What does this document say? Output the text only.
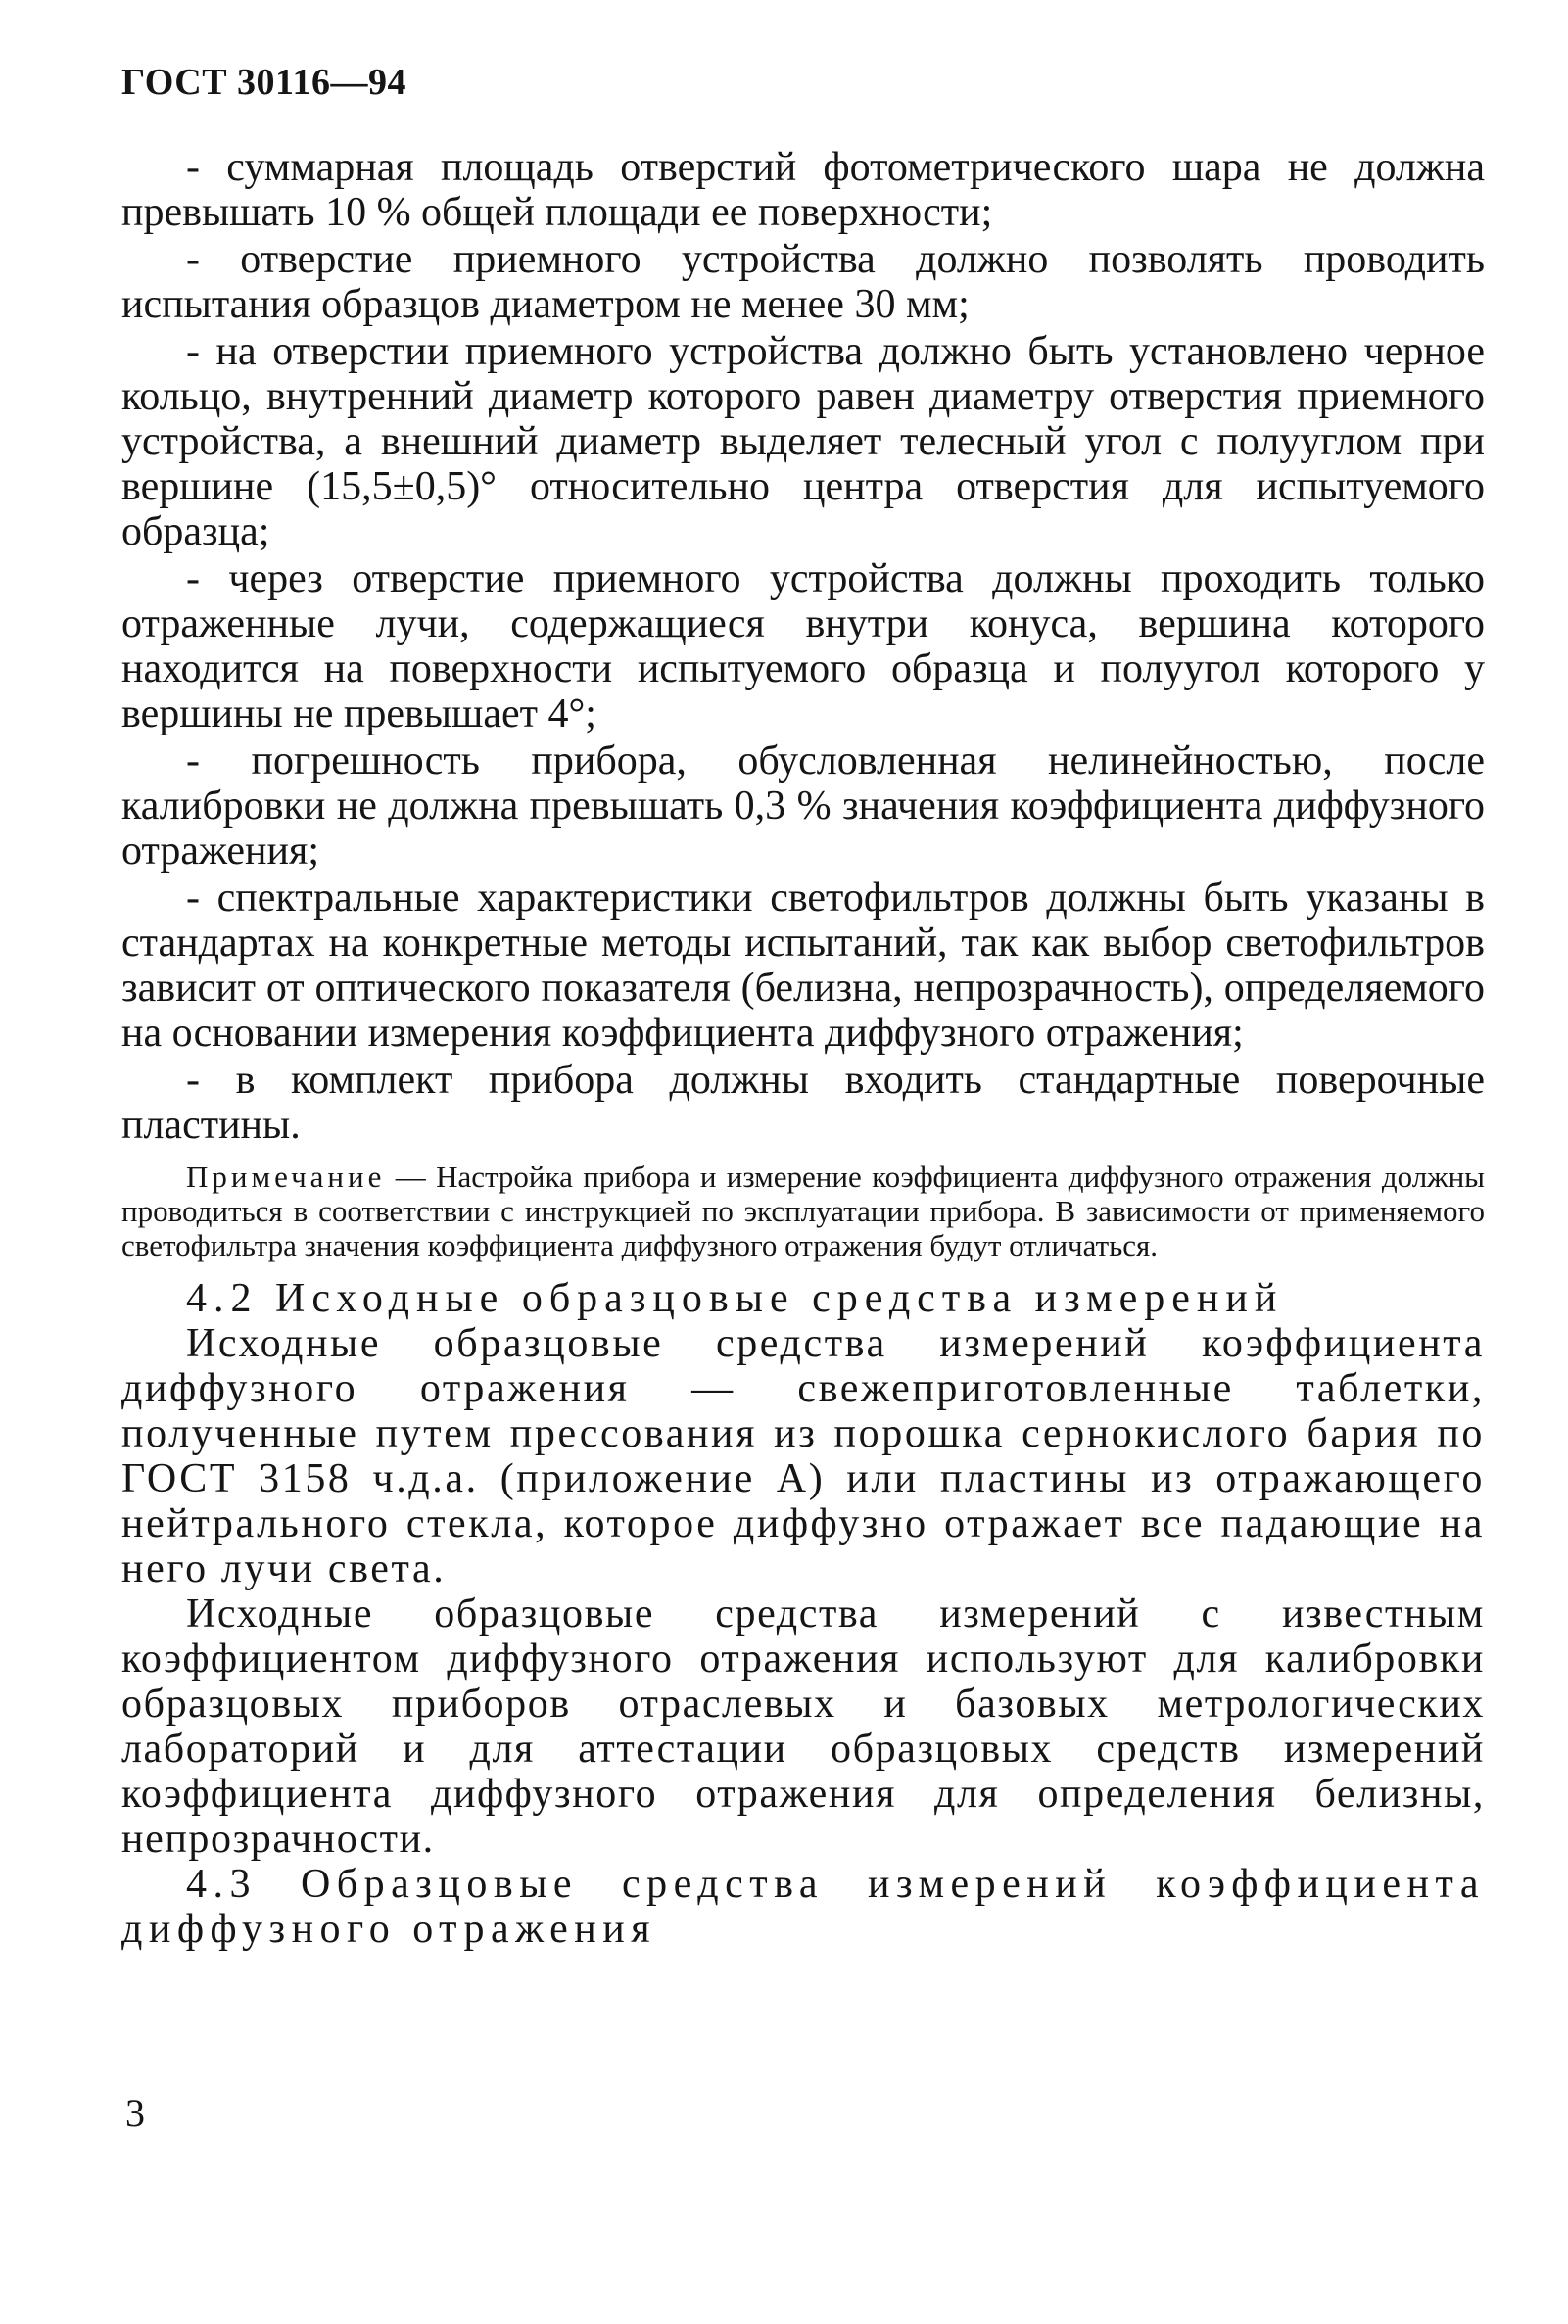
ГОСТ 30116—94

- суммарная площадь отверстий фотометрического шара не должна превышать 10 % общей площади ее поверхности;

- отверстие приемного устройства должно позволять проводить испытания образцов диаметром не менее 30 мм;

- на отверстии приемного устройства должно быть установлено черное кольцо, внутренний диаметр которого равен диаметру отверстия приемного устройства, а внешний диаметр выделяет телесный угол с полууглом при вершине (15,5±0,5)° относительно центра отверстия для испытуемого образца;

- через отверстие приемного устройства должны проходить только отраженные лучи, содержащиеся внутри конуса, вершина которого находится на поверхности испытуемого образца и полуугол которого у вершины не превышает 4°;

- погрешность прибора, обусловленная нелинейностью, после калибровки не должна превышать 0,3 % значения коэффициента диффузного отражения;

- спектральные характеристики светофильтров должны быть указаны в стандартах на конкретные методы испытаний, так как выбор светофильтров зависит от оптического показателя (белизна, непрозрачность), определяемого на основании измерения коэффициента диффузного отражения;

- в комплект прибора должны входить стандартные поверочные пластины.

Примечание — Настройка прибора и измерение коэффициента диффузного отражения должны проводиться в соответствии с инструкцией по эксплуатации прибора. В зависимости от применяемого светофильтра значения коэффициента диффузного отражения будут отличаться.

4.2 Исходные образцовые средства измерений

Исходные образцовые средства измерений коэффициента диффузного отражения — свежеприготовленные таблетки, полученные путем прессования из порошка сернокислого бария по ГОСТ 3158 ч.д.а. (приложение А) или пластины из отражающего нейтрального стекла, которое диффузно отражает все падающие на него лучи света.

Исходные образцовые средства измерений с известным коэффициентом диффузного отражения используют для калибровки образцовых приборов отраслевых и базовых метрологических лабораторий и для аттестации образцовых средств измерений коэффициента диффузного отражения для определения белизны, непрозрачности.

4.3 Образцовые средства измерений коэффициента диффузного отражения

3
